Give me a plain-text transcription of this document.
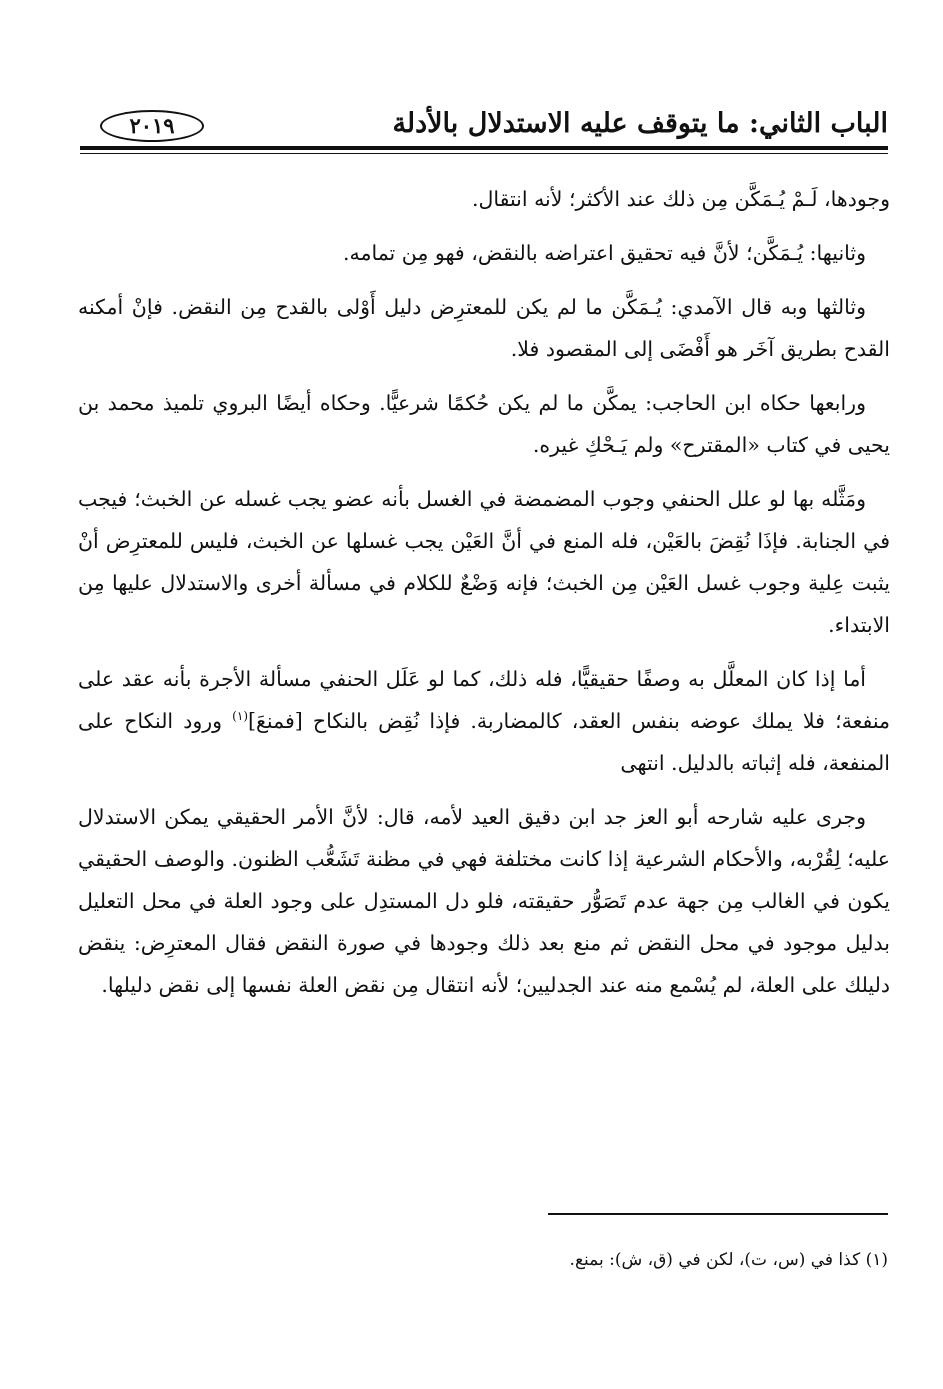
الباب الثاني: ما يتوقف عليه الاستدلال بالأدلة
٢٠١٩

وجودها، لَـمْ يُـمَكَّن مِن ذلك عند الأكثر؛ لأنه انتقال.

وثانيها: يُـمَكَّن؛ لأنَّ فيه تحقيق اعتراضه بالنقض، فهو مِن تمامه.

وثالثها وبه قال الآمدي: يُـمَكَّن ما لم يكن للمعترِض دليل أَوْلى بالقدح مِن النقض. فإنْ أمكنه القدح بطريق آخَر هو أَفْضَى إلى المقصود فلا.

ورابعها حكاه ابن الحاجب: يمكَّن ما لم يكن حُكمًا شرعيًّا. وحكاه أيضًا البروي تلميذ محمد بن يحيى في كتاب «المقترح» ولم يَـحْكِ غيره.

ومَثَّله بها لو علل الحنفي وجوب المضمضة في الغسل بأنه عضو يجب غسله عن الخبث؛ فيجب في الجنابة. فإذَا نُقِضَ بالعَيْن، فله المنع في أنَّ العَيْن يجب غسلها عن الخبث، فليس للمعترِض أنْ يثبت عِلية وجوب غسل العَيْن مِن الخبث؛ فإنه وَضْعٌ للكلام في مسألة أخرى والاستدلال عليها مِن الابتداء.

أما إذا كان المعلَّل به وصفًا حقيقيًّا، فله ذلك، كما لو عَلَل الحنفي مسألة الأجرة بأنه عقد على منفعة؛ فلا يملك عوضه بنفس العقد، كالمضاربة. فإذا نُقِض بالنكاح [فمنعَ]$^{(١)}$ ورود النكاح على المنفعة، فله إثباته بالدليل. انتهى

وجرى عليه شارحه أبو العز جد ابن دقيق العيد لأمه، قال: لأنَّ الأمر الحقيقي يمكن الاستدلال عليه؛ لِقُرْبه، والأحكام الشرعية إذا كانت مختلفة فهي في مظنة تَشَعُّب الظنون. والوصف الحقيقي يكون في الغالب مِن جهة عدم تَصَوُّر حقيقته، فلو دل المستدِل على وجود العلة في محل التعليل بدليل موجود في محل النقض ثم منع بعد ذلك وجودها في صورة النقض فقال المعترِض: ينقض دليلك على العلة، لم يُسْمع منه عند الجدليين؛ لأنه انتقال مِن نقض العلة نفسها إلى نقض دليلها.

(١) كذا في (س، ت)، لكن في (ق، ش): بمنع.
